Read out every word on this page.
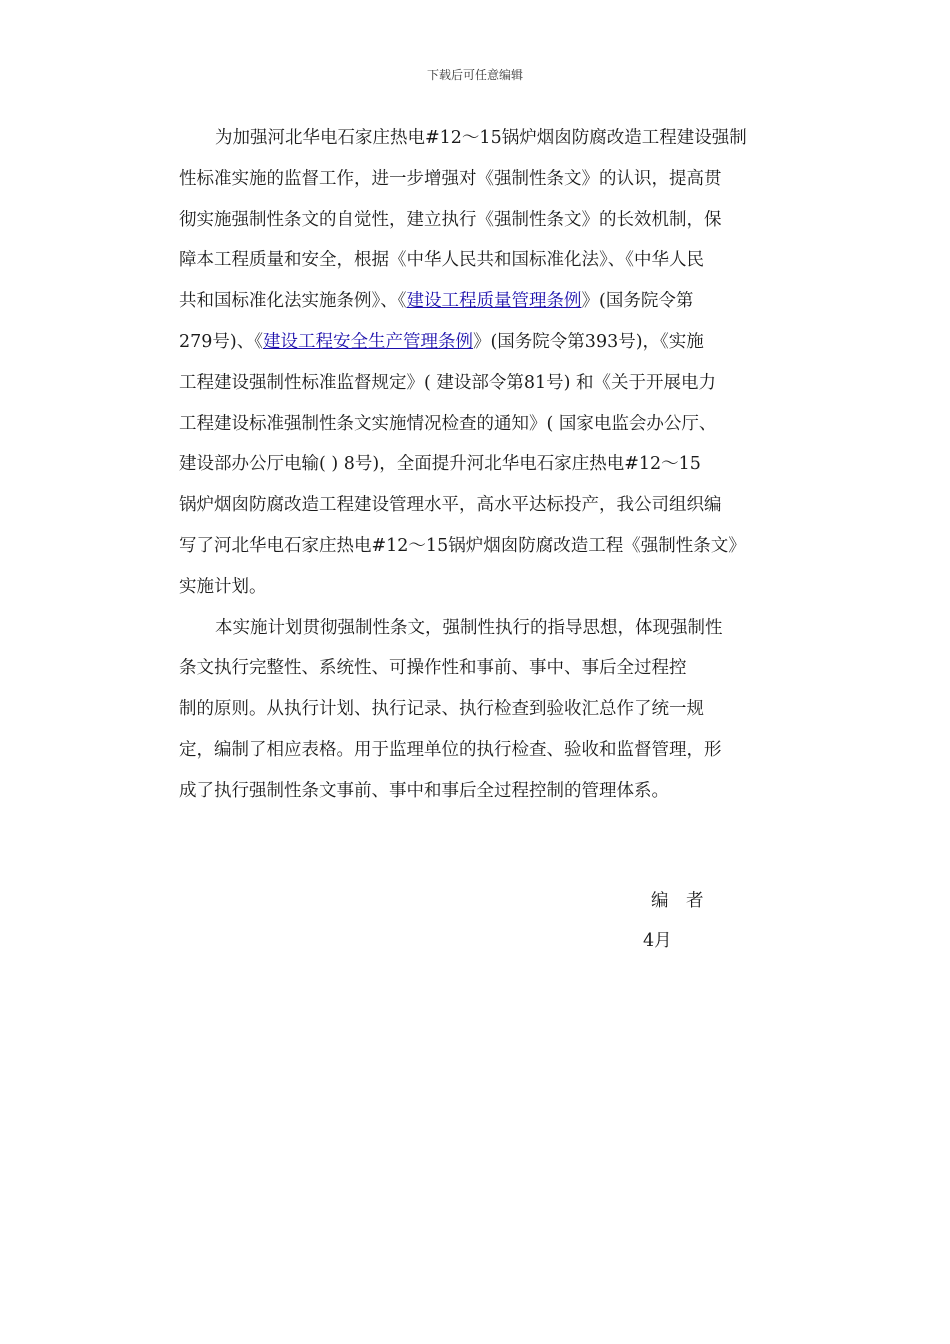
下载后可任意编辑
为加强河北华电石家庄热电#12～15锅炉烟囱防腐改造工程建设强制
性标准实施的监督工作，进一步增强对《强制性条文》的认识，提高贯
彻实施强制性条文的自觉性，建立执行《强制性条文》的长效机制，保
障本工程质量和安全，根据《中华人民共和国标准化法》、《中华人民
共和国标准化法实施条例》、《建设工程质量管理条例》(国务院令第
279号)、《建设工程安全生产管理条例》(国务院令第393号)，《实施
工程建设强制性标准监督规定》( 建设部令第81号) 和《关于开展电力
工程建设标准强制性条文实施情况检查的通知》( 国家电监会办公厅、
建设部办公厅电输( ) 8号)，全面提升河北华电石家庄热电#12～15
锅炉烟囱防腐改造工程建设管理水平，高水平达标投产，我公司组织编
写了河北华电石家庄热电#12～15锅炉烟囱防腐改造工程《强制性条文》
实施计划。
本实施计划贯彻强制性条文，强制性执行的指导思想，体现强制性
条文执行完整性、系统性、可操作性和事前、事中、事后全过程控
制的原则。从执行计划、执行记录、执行检查到验收汇总作了统一规
定，编制了相应表格。用于监理单位的执行检查、验收和监督管理，形
成了执行强制性条文事前、事中和事后全过程控制的管理体系。
编　者
4月
